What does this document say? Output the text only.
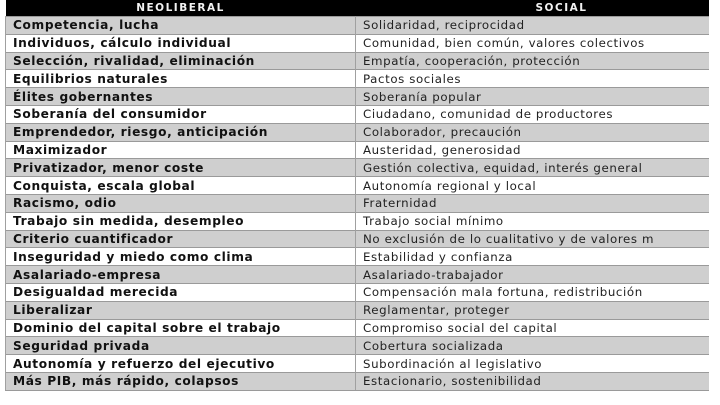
NEOLIBERAL	SOCIAL
Competencia, lucha	Solidaridad, reciprocidad
Individuos, cálculo individual	Comunidad, bien común, valores colectivos
Selección, rivalidad, eliminación	Empatía, cooperación, protección
Equilibrios naturales	Pactos sociales
Élites gobernantes	Soberanía popular
Soberanía del consumidor	Ciudadano, comunidad de productores
Emprendedor, riesgo, anticipación	Colaborador, precaución
Maximizador	Austeridad, generosidad
Privatizador, menor coste	Gestión colectiva, equidad, interés general
Conquista, escala global	Autonomía regional y local
Racismo, odio	Fraternidad
Trabajo sin medida, desempleo	Trabajo social mínimo
Criterio cuantificador	No exclusión de lo cualitativo y de valores m
Inseguridad y miedo como clima	Estabilidad y confianza
Asalariado-empresa	Asalariado-trabajador
Desigualdad merecida	Compensación mala fortuna, redistribución
Liberalizar	Reglamentar, proteger
Dominio del capital sobre el trabajo	Compromiso social del capital
Seguridad privada	Cobertura socializada
Autonomía y refuerzo del ejecutivo	Subordinación al legislativo
Más PIB, más rápido, colapsos	Estacionario, sostenibilidad
